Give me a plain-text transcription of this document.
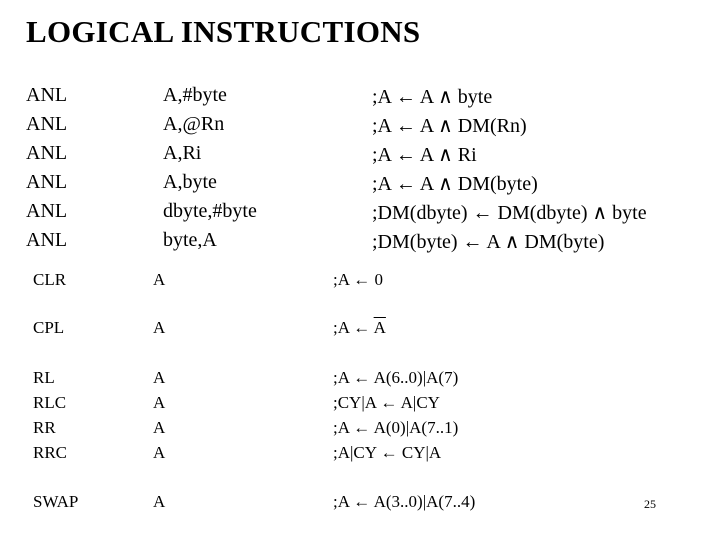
LOGICAL INSTRUCTIONS
ANL	A,#byte	;A ← A ∧ byte
ANL	A,@Rn	;A ← A ∧ DM(Rn)
ANL	A,Ri	;A ← A ∧ Ri
ANL	A,byte	;A ← A ∧ DM(byte)
ANL	dbyte,#byte	;DM(dbyte) ← DM(dbyte) ∧ byte
ANL	byte,A	;DM(byte) ← A ∧ DM(byte)
CLR	A	;A ← 0
CPL	A	;A ← $\overline{A}$
RL	A	;A ← A(6..0)|A(7)
RLC	A	;CY|A ← A|CY
RR	A	;A ← A(0)|A(7..1)
RRC	A	;A|CY ← CY|A
SWAP	A	;A ← A(3..0)|A(7..4)	25
